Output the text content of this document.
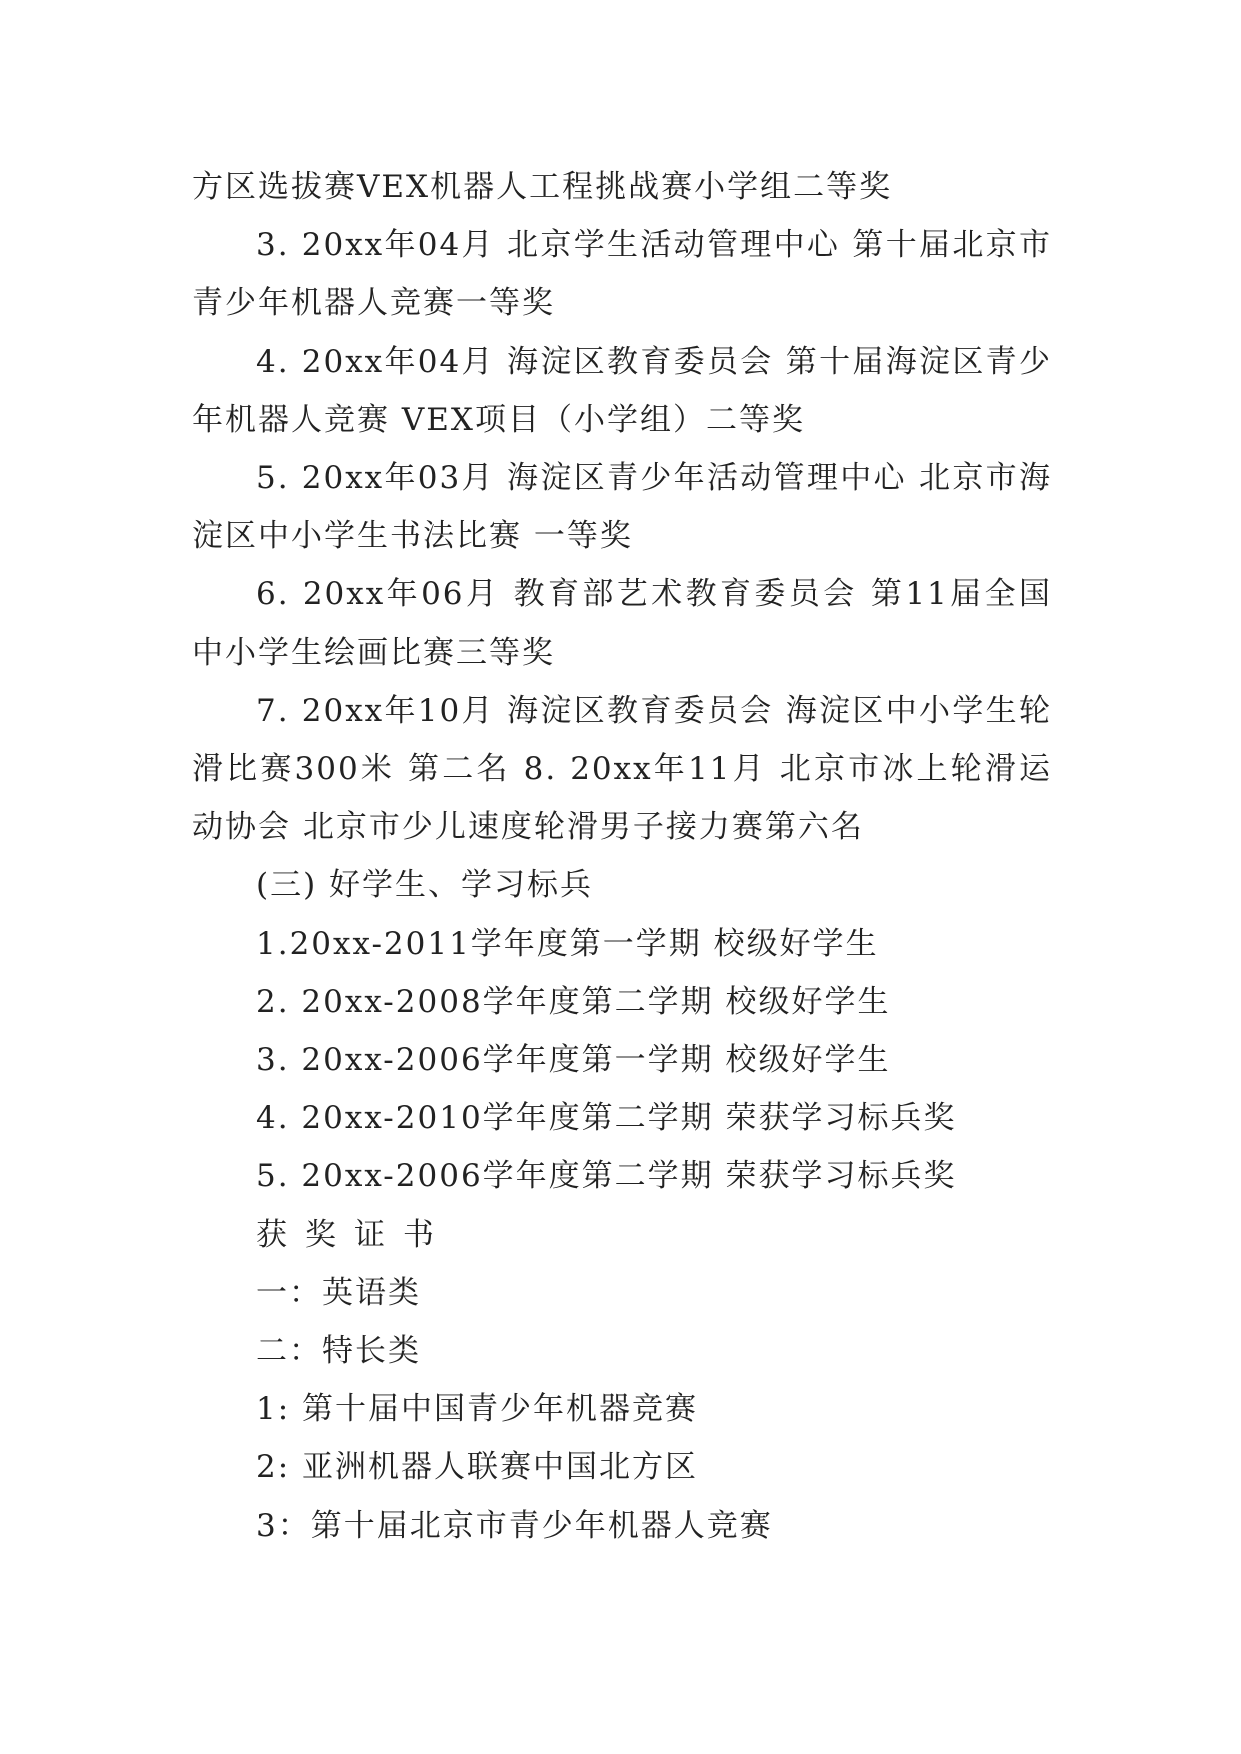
方区选拔赛VEX机器人工程挑战赛小学组二等奖

3. 20xx年04月 北京学生活动管理中心 第十届北京市青少年机器人竞赛一等奖

4. 20xx年04月 海淀区教育委员会 第十届海淀区青少年机器人竞赛 VEX项目（小学组）二等奖

5. 20xx年03月 海淀区青少年活动管理中心 北京市海淀区中小学生书法比赛 一等奖

6. 20xx年06月 教育部艺术教育委员会 第11届全国中小学生绘画比赛三等奖

7. 20xx年10月 海淀区教育委员会 海淀区中小学生轮滑比赛300米 第二名 8. 20xx年11月 北京市冰上轮滑运动协会 北京市少儿速度轮滑男子接力赛第六名

(三) 好学生、学习标兵

1.20xx-2011学年度第一学期 校级好学生

2. 20xx-2008学年度第二学期 校级好学生

3. 20xx-2006学年度第一学期 校级好学生

4. 20xx-2010学年度第二学期 荣获学习标兵奖

5. 20xx-2006学年度第二学期 荣获学习标兵奖

获奖证书

一：英语类

二：特长类

1: 第十届中国青少年机器竞赛

2: 亚洲机器人联赛中国北方区

3：第十届北京市青少年机器人竞赛
